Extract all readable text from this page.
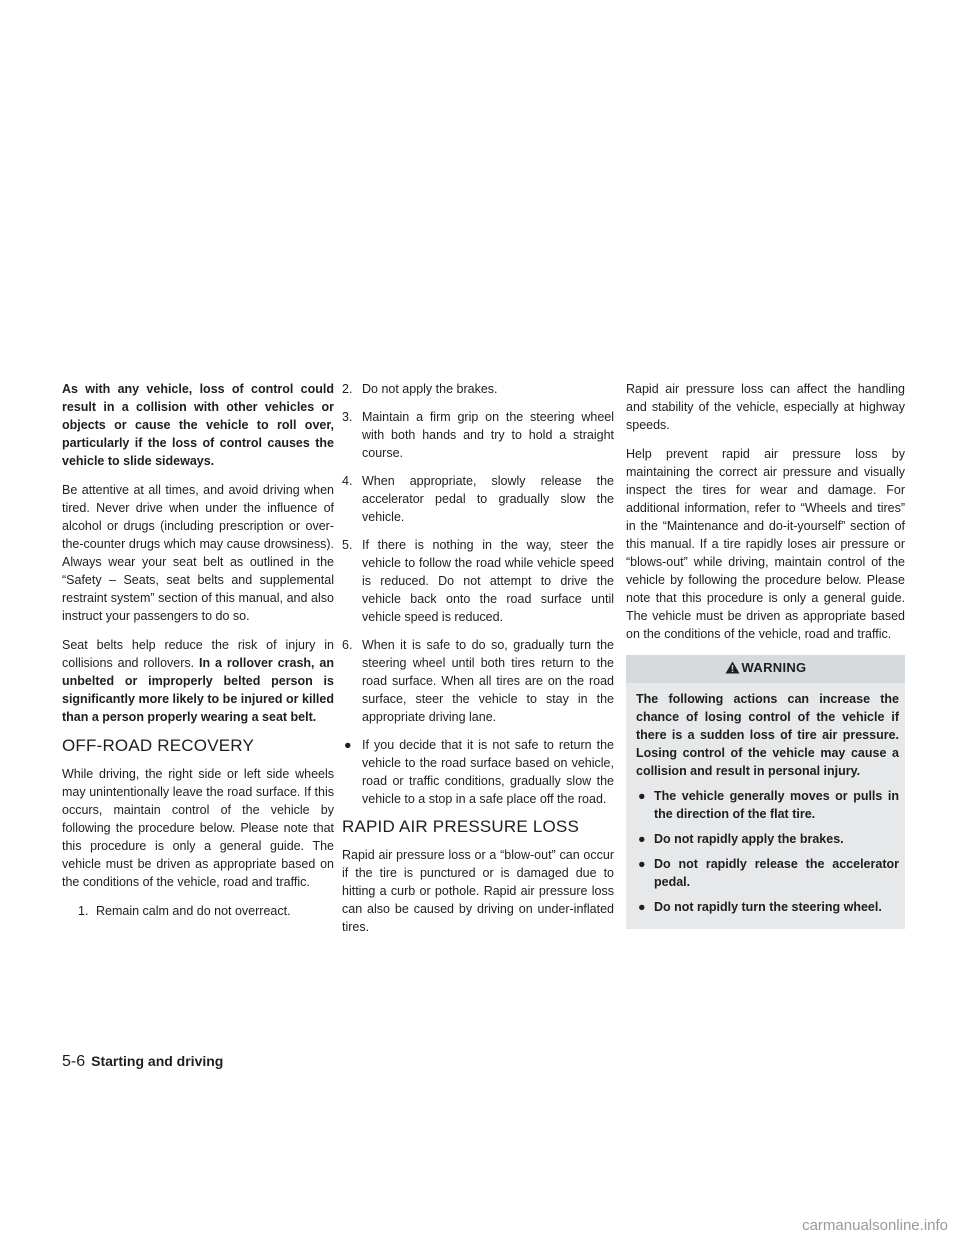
As with any vehicle, loss of control could result in a collision with other vehicles or objects or cause the vehicle to roll over, particularly if the loss of control causes the vehicle to slide sideways.

Be attentive at all times, and avoid driving when tired. Never drive when under the influence of alcohol or drugs (including prescription or over-the-counter drugs which may cause drowsiness). Always wear your seat belt as outlined in the “Safety – Seats, seat belts and supplemental restraint system” section of this manual, and also instruct your passengers to do so.

Seat belts help reduce the risk of injury in collisions and rollovers. In a rollover crash, an unbelted or improperly belted person is significantly more likely to be injured or killed than a person properly wearing a seat belt.

OFF-ROAD RECOVERY

While driving, the right side or left side wheels may unintentionally leave the road surface. If this occurs, maintain control of the vehicle by following the procedure below. Please note that this procedure is only a general guide. The vehicle must be driven as appropriate based on the conditions of the vehicle, road and traffic.

1. Remain calm and do not overreact.
2. Do not apply the brakes.
3. Maintain a firm grip on the steering wheel with both hands and try to hold a straight course.
4. When appropriate, slowly release the accelerator pedal to gradually slow the vehicle.
5. If there is nothing in the way, steer the vehicle to follow the road while vehicle speed is reduced. Do not attempt to drive the vehicle back onto the road surface until vehicle speed is reduced.
6. When it is safe to do so, gradually turn the steering wheel until both tires return to the road surface. When all tires are on the road surface, steer the vehicle to stay in the appropriate driving lane.
● If you decide that it is not safe to return the vehicle to the road surface based on vehicle, road or traffic conditions, gradually slow the vehicle to a stop in a safe place off the road.
RAPID AIR PRESSURE LOSS

Rapid air pressure loss or a “blow-out” can occur if the tire is punctured or is damaged due to hitting a curb or pothole. Rapid air pressure loss can also be caused by driving on under-inflated tires.

Rapid air pressure loss can affect the handling and stability of the vehicle, especially at highway speeds.

Help prevent rapid air pressure loss by maintaining the correct air pressure and visually inspect the tires for wear and damage. For additional information, refer to “Wheels and tires” in the “Maintenance and do-it-yourself” section of this manual. If a tire rapidly loses air pressure or “blows-out” while driving, maintain control of the vehicle by following the procedure below. Please note that this procedure is only a general guide. The vehicle must be driven as appropriate based on the conditions of the vehicle, road and traffic.

WARNING

The following actions can increase the chance of losing control of the vehicle if there is a sudden loss of tire air pressure. Losing control of the vehicle may cause a collision and result in personal injury.

● The vehicle generally moves or pulls in the direction of the flat tire.
● Do not rapidly apply the brakes.
● Do not rapidly release the accelerator pedal.
● Do not rapidly turn the steering wheel.
5-6 Starting and driving
carmanualsonline.info
